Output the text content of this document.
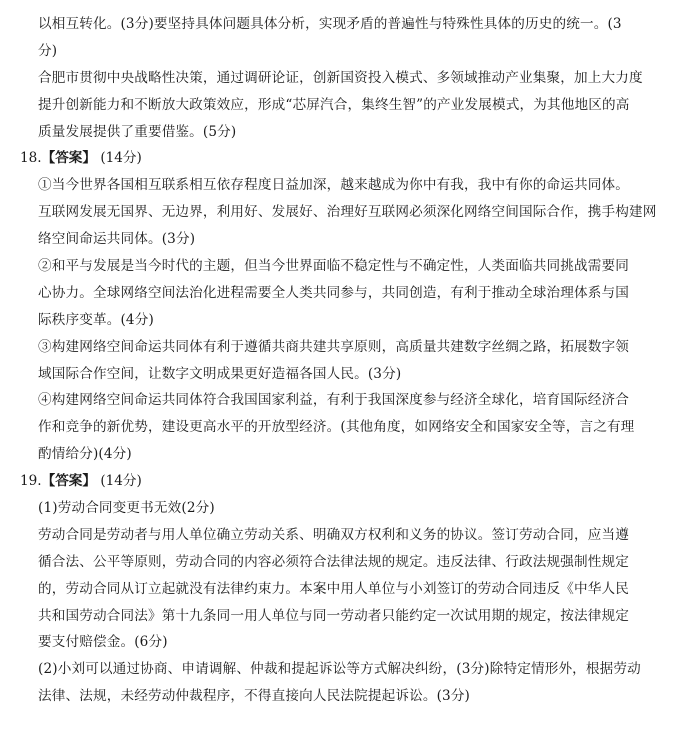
以相互转化。(3分)要坚持具体问题具体分析，实现矛盾的普遍性与特殊性具体的历史的统一。(3
分)
合肥市贯彻中央战略性决策，通过调研论证，创新国资投入模式、多领域推动产业集聚，加上大力度
提升创新能力和不断放大政策效应，形成“芯屏汽合，集终生智”的产业发展模式，为其他地区的高
质量发展提供了重要借鉴。(5分)
18.【答案】 (14分)
①当今世界各国相互联系相互依存程度日益加深，越来越成为你中有我，我中有你的命运共同体。
互联网发展无国界、无边界，利用好、发展好、治理好互联网必须深化网络空间国际合作，携手构建网
络空间命运共同体。(3分)
②和平与发展是当今时代的主题，但当今世界面临不稳定性与不确定性，人类面临共同挑战需要同
心协力。全球网络空间法治化进程需要全人类共同参与，共同创造，有利于推动全球治理体系与国
际秩序变革。(4分)
③构建网络空间命运共同体有利于遵循共商共建共享原则，高质量共建数字丝绸之路，拓展数字领
域国际合作空间，让数字文明成果更好造福各国人民。(3分)
④构建网络空间命运共同体符合我国国家利益，有利于我国深度参与经济全球化，培育国际经济合
作和竞争的新优势，建设更高水平的开放型经济。(其他角度，如网络安全和国家安全等，言之有理
酌情给分)(4分)
19.【答案】 (14分)
(1)劳动合同变更书无效(2分)
劳动合同是劳动者与用人单位确立劳动关系、明确双方权利和义务的协议。签订劳动合同，应当遵
循合法、公平等原则，劳动合同的内容必须符合法律法规的规定。违反法律、行政法规强制性规定
的，劳动合同从订立起就没有法律约束力。本案中用人单位与小刘签订的劳动合同违反《中华人民
共和国劳动合同法》第十九条同一用人单位与同一劳动者只能约定一次试用期的规定，按法律规定
要支付赔偿金。(6分)
(2)小刘可以通过协商、申请调解、仲裁和提起诉讼等方式解决纠纷，(3分)除特定情形外，根据劳动
法律、法规，未经劳动仲裁程序，不得直接向人民法院提起诉讼。(3分)
